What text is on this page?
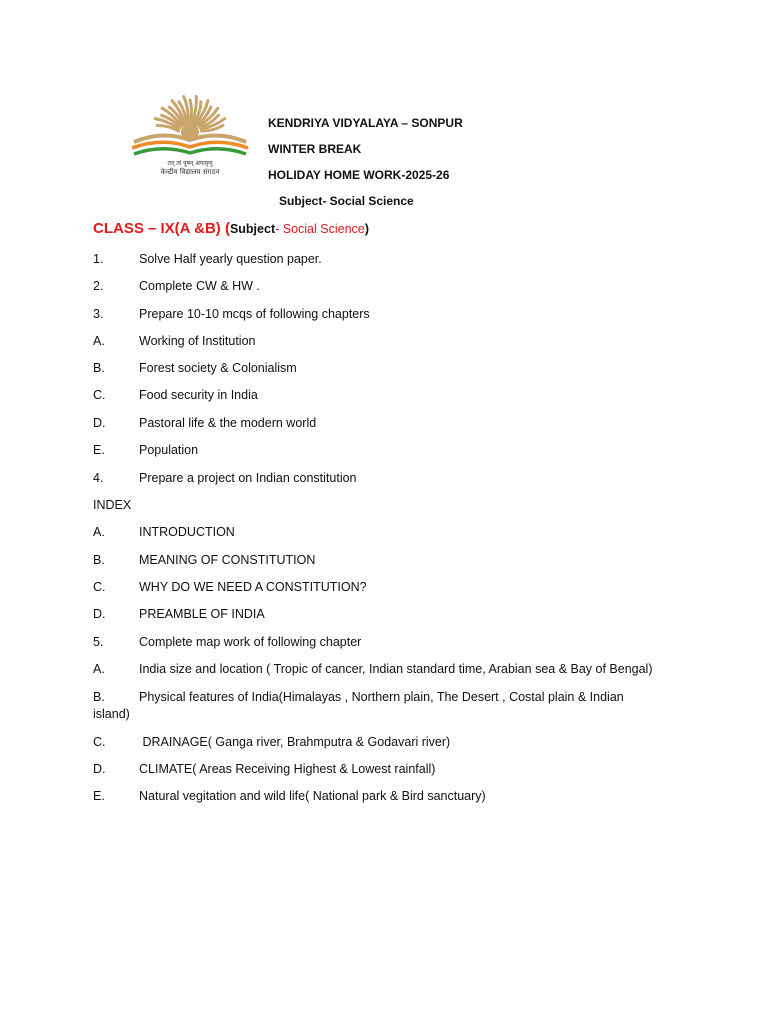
तत् त्वं पूषन् अपावृणु
केन्द्रीय विद्यालय संगठन
KENDRIYA VIDYALAYA – SONPUR
WINTER BREAK
HOLIDAY HOME WORK-2025-26
Subject- Social Science
CLASS – IX(A &B) (Subject- Social Science)
1.	Solve Half yearly question paper.
2.	Complete CW & HW .
3.	Prepare 10-10 mcqs of following chapters
A.	Working of Institution
B.	Forest society & Colonialism
C.	Food security in India
D.	Pastoral life & the modern world
E.	Population
4.	Prepare a project on Indian constitution
INDEX
A.	INTRODUCTION
B.	MEANING OF CONSTITUTION
C.	WHY DO WE NEED A CONSTITUTION?
D.	PREAMBLE OF INDIA
5.	Complete map work of following chapter
A.	India size and location ( Tropic of cancer, Indian standard time, Arabian sea & Bay of Bengal)
B.	Physical features of India(Himalayas , Northern plain, The Desert , Costal plain & Indian island)
C.	DRAINAGE( Ganga river, Brahmputra & Godavari river)
D.	CLIMATE( Areas Receiving Highest & Lowest rainfall)
E.	Natural vegitation and wild life( National park & Bird sanctuary)
